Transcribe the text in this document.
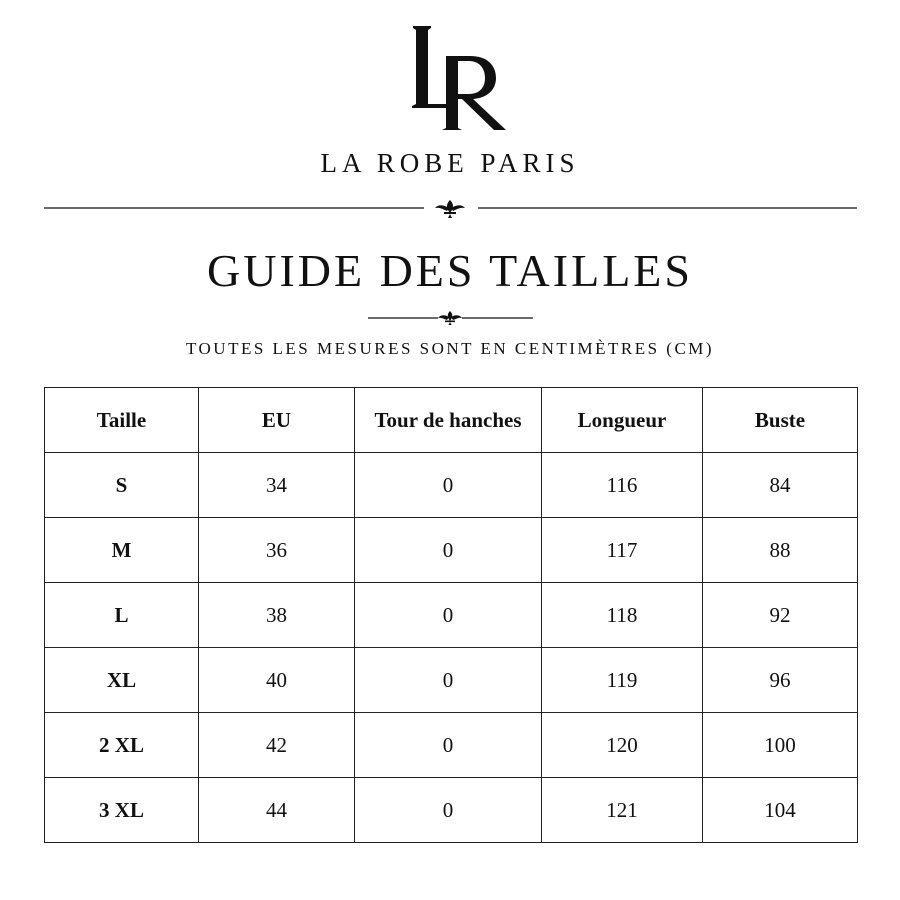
LA ROBE PARIS
GUIDE DES TAILLES
TOUTES LES MESURES SONT EN CENTIMÈTRES (CM)
Taille	EU	Tour de hanches	Longueur	Buste
S	34	0	116	84
M	36	0	117	88
L	38	0	118	92
XL	40	0	119	96
2 XL	42	0	120	100
3 XL	44	0	121	104
